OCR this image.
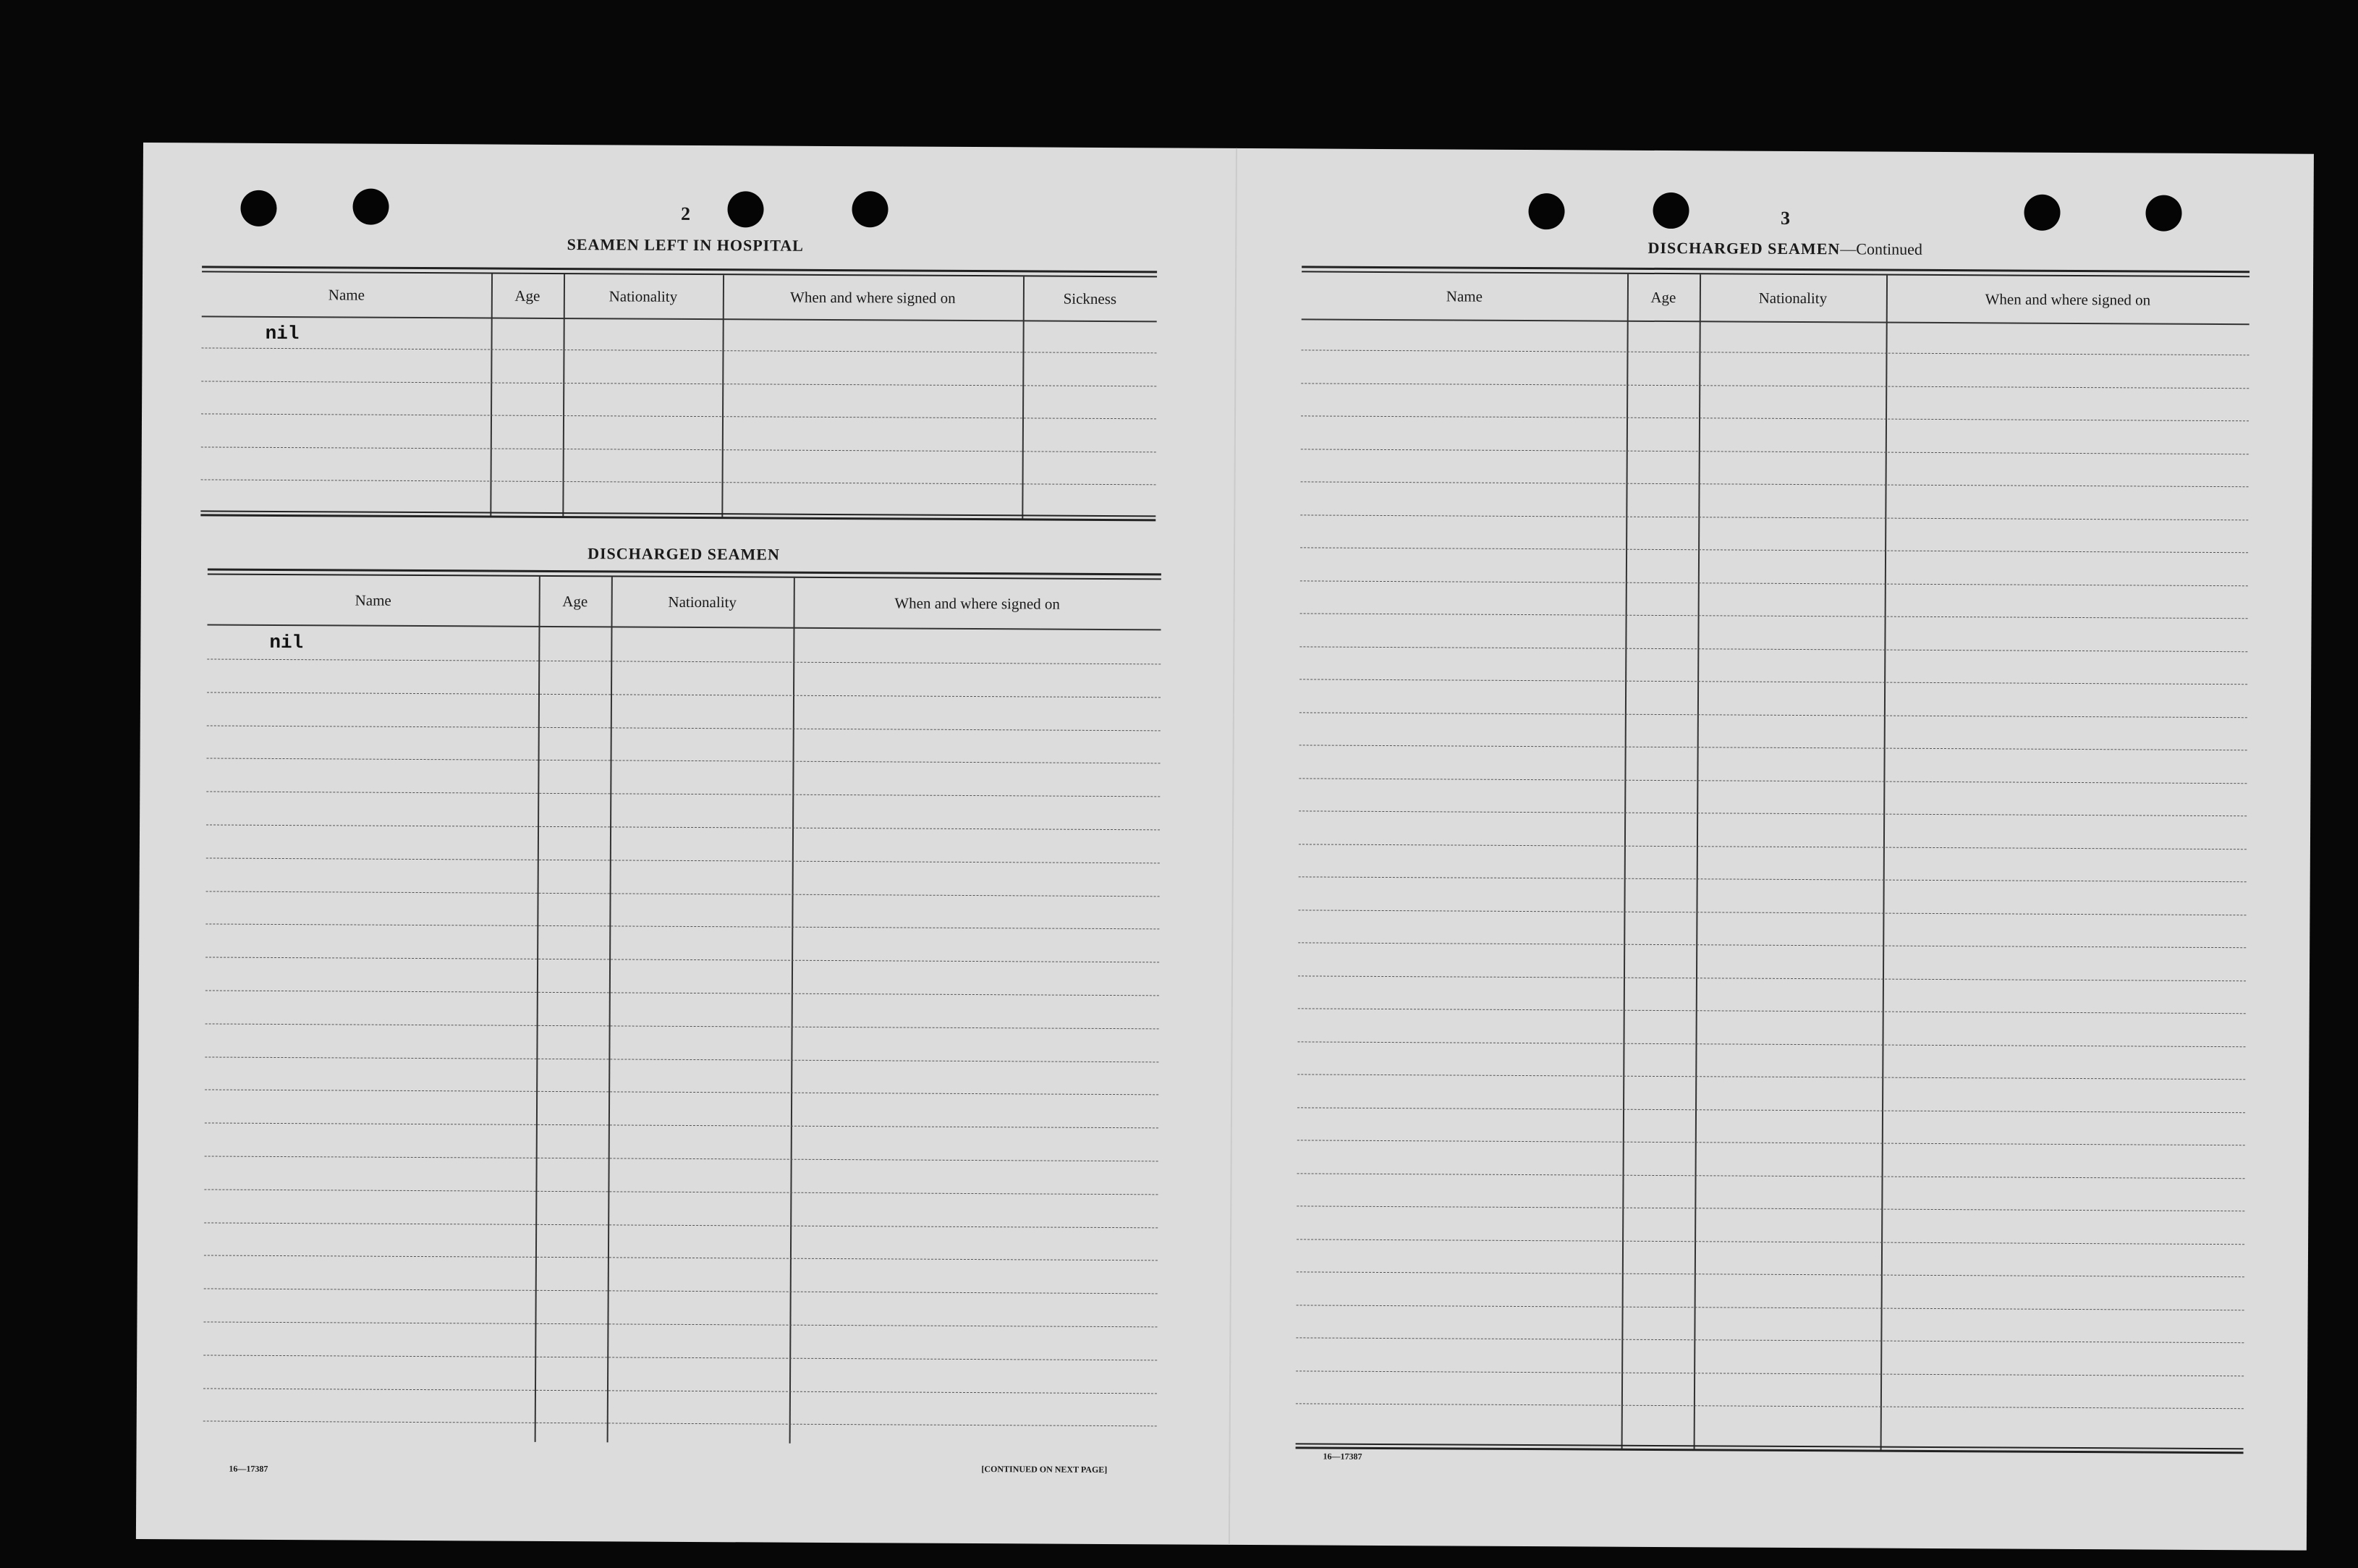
2
SEAMEN LEFT IN HOSPITAL
Name	Age	Nationality	When and where signed on	Sickness
nil
DISCHARGED SEAMEN
Name	Age	Nationality	When and where signed on
nil
16—17387	[CONTINUED ON NEXT PAGE]
3
DISCHARGED SEAMEN—Continued
Name	Age	Nationality	When and where signed on
16—17387
